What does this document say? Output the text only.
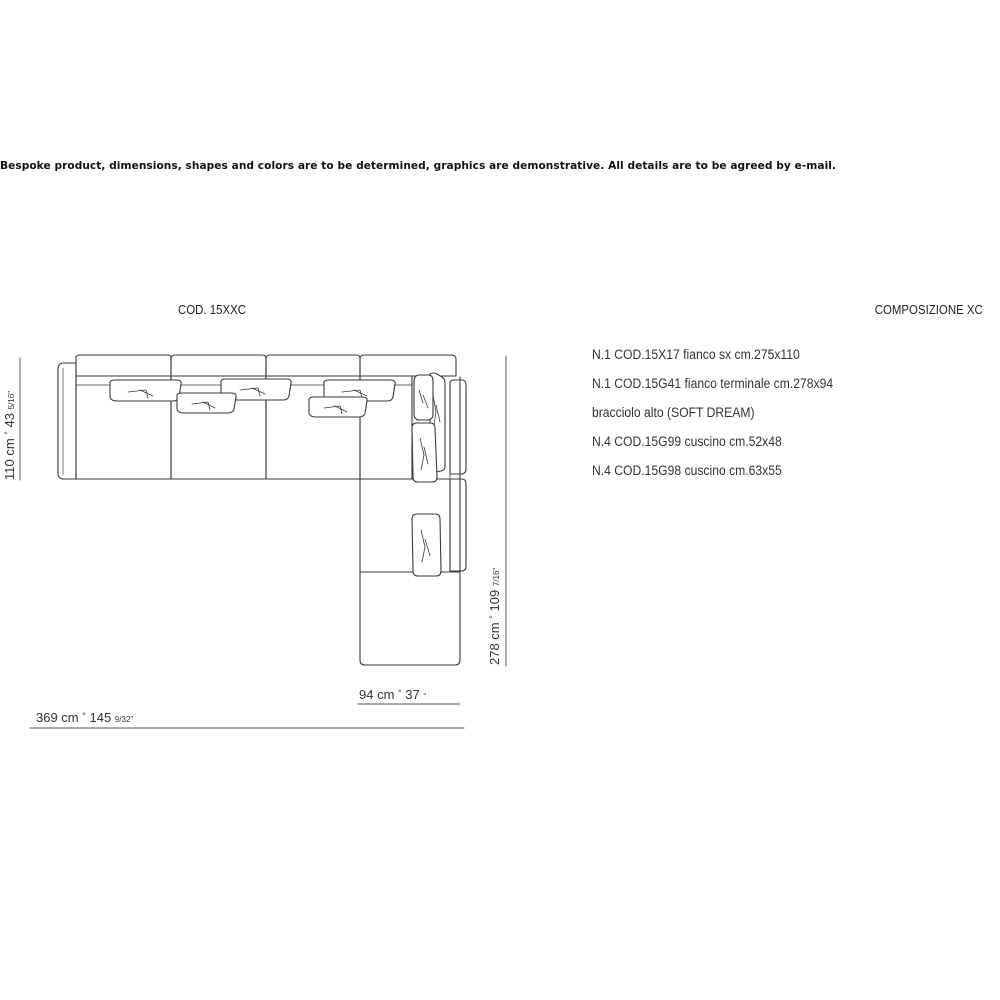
Bespoke product, dimensions, shapes and colors are to be determined, graphics are demonstrative. All details are to be agreed by e-mail.
COD. 15XXC	COMPOSIZIONE XC
N.1 COD.15X17 fianco sx cm.275x110
N.1 COD.15G41 fianco terminale cm.278x94
bracciolo alto (SOFT DREAM)
N.4 COD.15G99 cuscino cm.52x48
N.4 COD.15G98 cuscino cm.63x55
110 cm ° 43 5/16"
278 cm ° 109 7/16"
94 cm ° 37 "
369 cm ° 145 9/32"
